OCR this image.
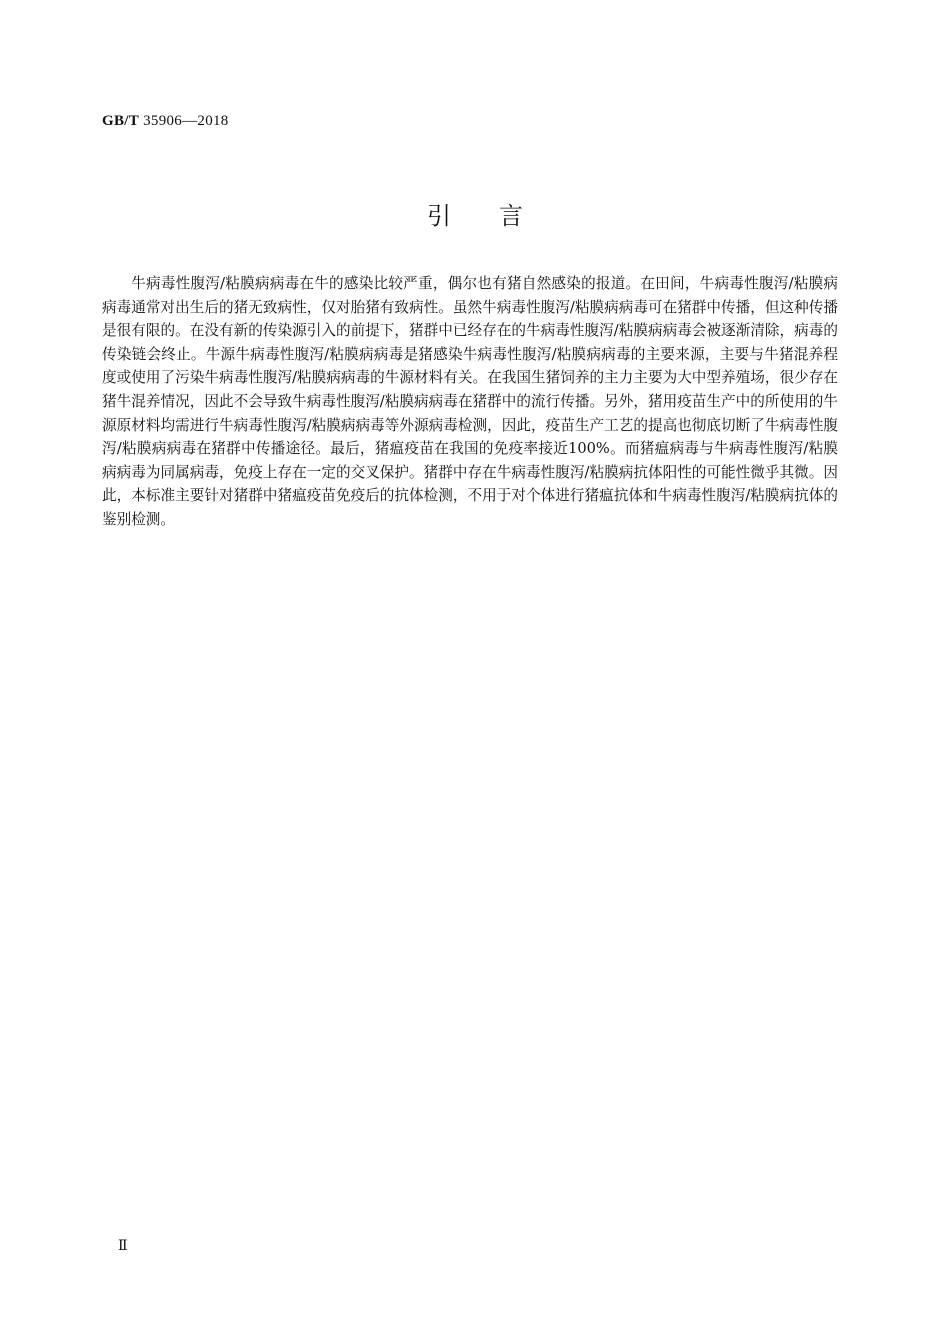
GB/T 35906—2018
引言

牛病毒性腹泻/粘膜病病毒在牛的感染比较严重，偶尔也有猪自然感染的报道。在田间，牛病毒性腹泻/粘膜病病毒通常对出生后的猪无致病性，仅对胎猪有致病性。虽然牛病毒性腹泻/粘膜病病毒可在猪群中传播，但这种传播是很有限的。在没有新的传染源引入的前提下，猪群中已经存在的牛病毒性腹泻/粘膜病病毒会被逐渐清除，病毒的传染链会终止。牛源牛病毒性腹泻/粘膜病病毒是猪感染牛病毒性腹泻/粘膜病病毒的主要来源，主要与牛猪混养程度或使用了污染牛病毒性腹泻/粘膜病病毒的牛源材料有关。在我国生猪饲养的主力主要为大中型养殖场，很少存在猪牛混养情况，因此不会导致牛病毒性腹泻/粘膜病病毒在猪群中的流行传播。另外，猪用疫苗生产中的所使用的牛源原材料均需进行牛病毒性腹泻/粘膜病病毒等外源病毒检测，因此，疫苗生产工艺的提高也彻底切断了牛病毒性腹泻/粘膜病病毒在猪群中传播途径。最后，猪瘟疫苗在我国的免疫率接近100%。而猪瘟病毒与牛病毒性腹泻/粘膜病病毒为同属病毒，免疫上存在一定的交叉保护。猪群中存在牛病毒性腹泻/粘膜病抗体阳性的可能性微乎其微。因此，本标准主要针对猪群中猪瘟疫苗免疫后的抗体检测，不用于对个体进行猪瘟抗体和牛病毒性腹泻/粘膜病抗体的鉴别检测。

Ⅱ
